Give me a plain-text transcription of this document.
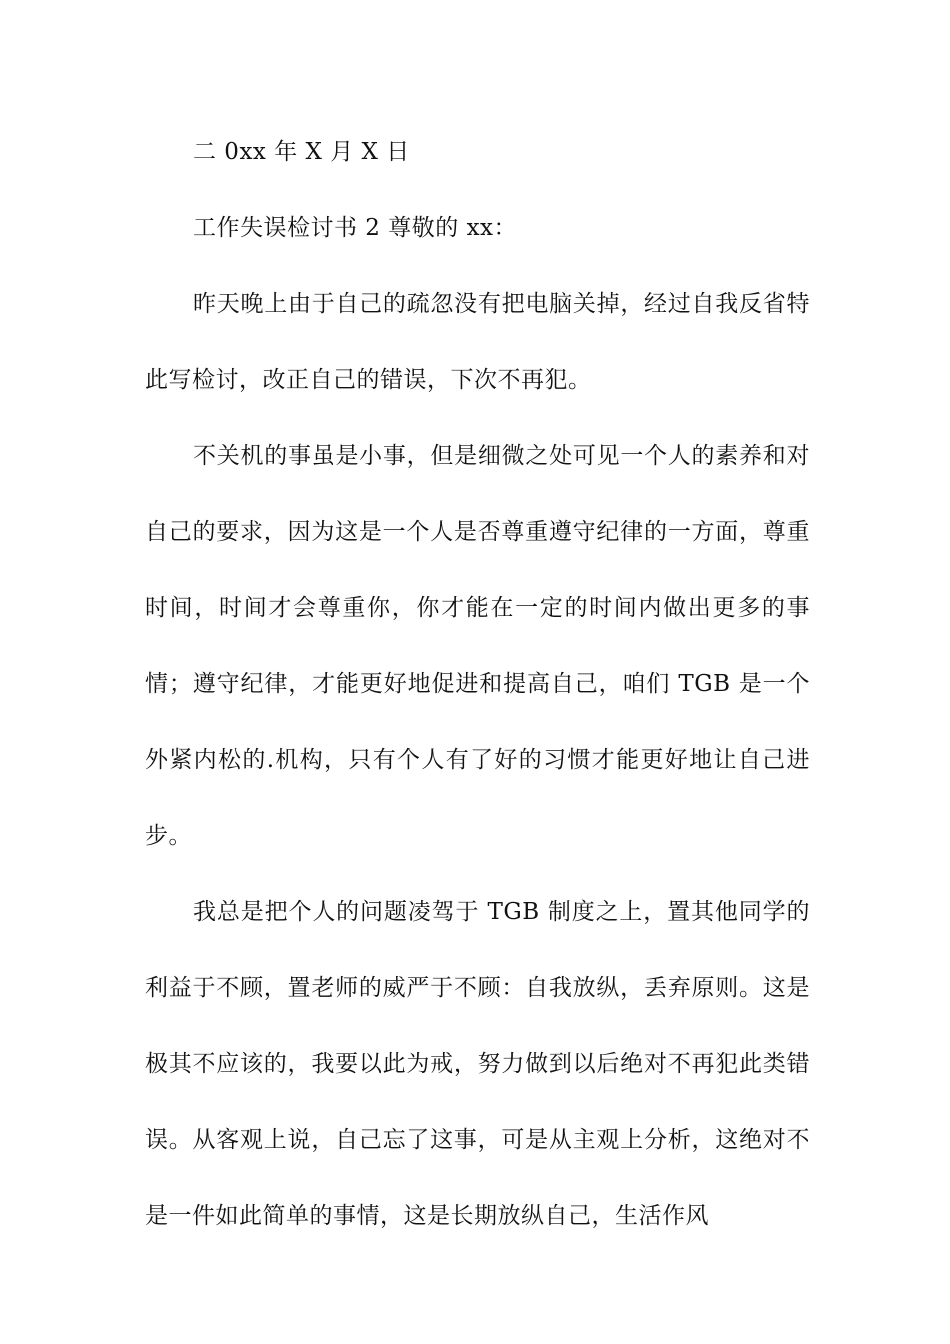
二 0xx 年 X 月 X 日

工作失误检讨书 2 尊敬的 xx：

昨天晚上由于自己的疏忽没有把电脑关掉，经过自我反省特此写检讨，改正自己的错误，下次不再犯。

不关机的事虽是小事，但是细微之处可见一个人的素养和对自己的要求，因为这是一个人是否尊重遵守纪律的一方面，尊重时间，时间才会尊重你，你才能在一定的时间内做出更多的事情；遵守纪律，才能更好地促进和提高自己，咱们 TGB 是一个外紧内松的.机构，只有个人有了好的习惯才能更好地让自己进步。

我总是把个人的问题凌驾于 TGB 制度之上，置其他同学的利益于不顾，置老师的威严于不顾：自我放纵，丢弃原则。这是极其不应该的，我要以此为戒，努力做到以后绝对不再犯此类错误。从客观上说，自己忘了这事，可是从主观上分析，这绝对不是一件如此简单的事情，这是长期放纵自己，生活作风
